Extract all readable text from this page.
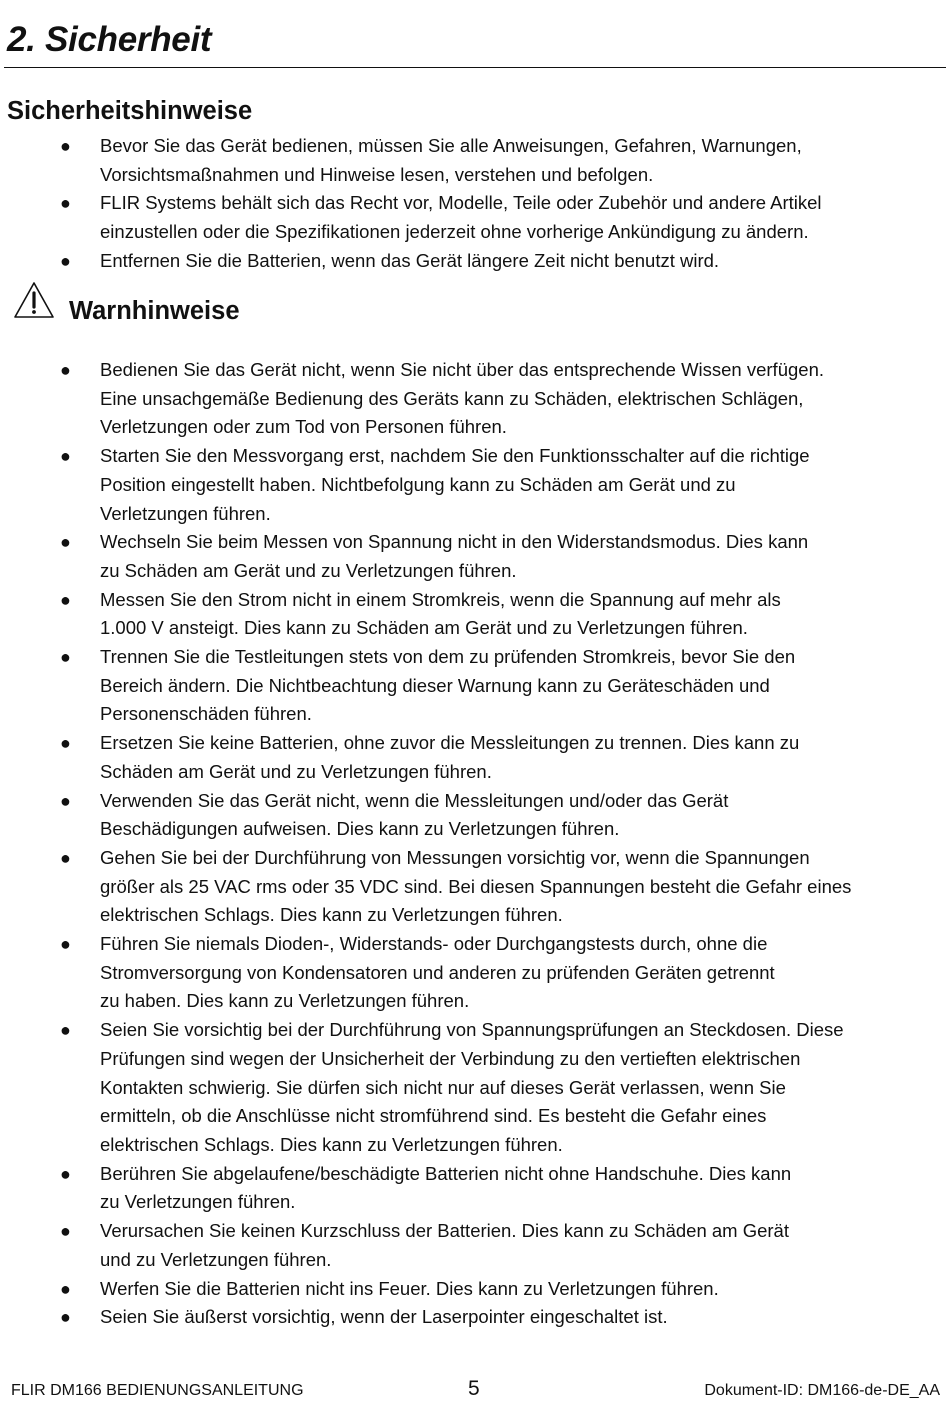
2. Sicherheit
Sicherheitshinweise
● Bevor Sie das Gerät bedienen, müssen Sie alle Anweisungen, Gefahren, Warnungen,
Vorsichtsmaßnahmen und Hinweise lesen, verstehen und befolgen.
● FLIR Systems behält sich das Recht vor, Modelle, Teile oder Zubehör und andere Artikel
einzustellen oder die Spezifikationen jederzeit ohne vorherige Ankündigung zu ändern.
● Entfernen Sie die Batterien, wenn das Gerät längere Zeit nicht benutzt wird.
Warnhinweise
● Bedienen Sie das Gerät nicht, wenn Sie nicht über das entsprechende Wissen verfügen.
Eine unsachgemäße Bedienung des Geräts kann zu Schäden, elektrischen Schlägen,
Verletzungen oder zum Tod von Personen führen.
● Starten Sie den Messvorgang erst, nachdem Sie den Funktionsschalter auf die richtige
Position eingestellt haben. Nichtbefolgung kann zu Schäden am Gerät und zu
Verletzungen führen.
● Wechseln Sie beim Messen von Spannung nicht in den Widerstandsmodus. Dies kann
zu Schäden am Gerät und zu Verletzungen führen.
● Messen Sie den Strom nicht in einem Stromkreis, wenn die Spannung auf mehr als
1.000 V ansteigt. Dies kann zu Schäden am Gerät und zu Verletzungen führen.
● Trennen Sie die Testleitungen stets von dem zu prüfenden Stromkreis, bevor Sie den
Bereich ändern. Die Nichtbeachtung dieser Warnung kann zu Geräteschäden und
Personenschäden führen.
● Ersetzen Sie keine Batterien, ohne zuvor die Messleitungen zu trennen. Dies kann zu
Schäden am Gerät und zu Verletzungen führen.
● Verwenden Sie das Gerät nicht, wenn die Messleitungen und/oder das Gerät
Beschädigungen aufweisen. Dies kann zu Verletzungen führen.
● Gehen Sie bei der Durchführung von Messungen vorsichtig vor, wenn die Spannungen
größer als 25 VAC rms oder 35 VDC sind. Bei diesen Spannungen besteht die Gefahr eines
elektrischen Schlags. Dies kann zu Verletzungen führen.
● Führen Sie niemals Dioden-, Widerstands- oder Durchgangstests durch, ohne die
Stromversorgung von Kondensatoren und anderen zu prüfenden Geräten getrennt
zu haben. Dies kann zu Verletzungen führen.
● Seien Sie vorsichtig bei der Durchführung von Spannungsprüfungen an Steckdosen. Diese
Prüfungen sind wegen der Unsicherheit der Verbindung zu den vertieften elektrischen
Kontakten schwierig. Sie dürfen sich nicht nur auf dieses Gerät verlassen, wenn Sie
ermitteln, ob die Anschlüsse nicht stromführend sind. Es besteht die Gefahr eines
elektrischen Schlags. Dies kann zu Verletzungen führen.
● Berühren Sie abgelaufene/beschädigte Batterien nicht ohne Handschuhe. Dies kann
zu Verletzungen führen.
● Verursachen Sie keinen Kurzschluss der Batterien. Dies kann zu Schäden am Gerät
und zu Verletzungen führen.
● Werfen Sie die Batterien nicht ins Feuer. Dies kann zu Verletzungen führen.
● Seien Sie äußerst vorsichtig, wenn der Laserpointer eingeschaltet ist.
FLIR DM166 BEDIENUNGSANLEITUNG	5	Dokument-ID: DM166-de-DE_AA
